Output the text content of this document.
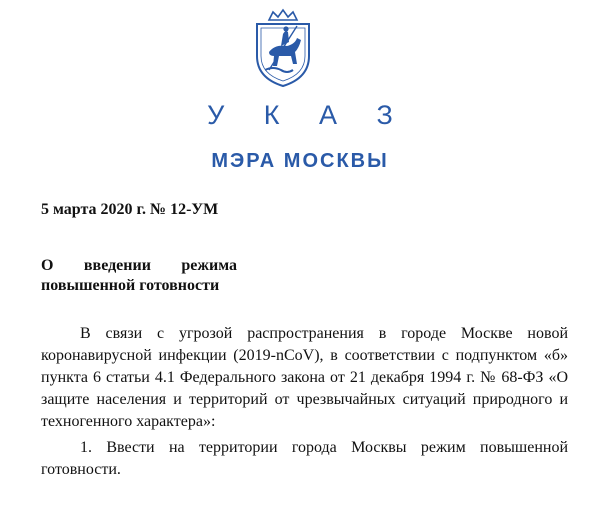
У К А З
МЭРА МОСКВЫ
5 марта 2020 г. № 12-УМ
О введении режима
повышенной готовности

В связи с угрозой распространения в городе Москве новой коронавирусной инфекции (2019-nCoV), в соответствии с подпунктом «б» пункта 6 статьи 4.1 Федерального закона от 21 декабря 1994 г. № 68-ФЗ «О защите населения и территорий от чрезвычайных ситуаций природного и техногенного характера»:

1. Ввести на территории города Москвы режим повышенной готовности.
